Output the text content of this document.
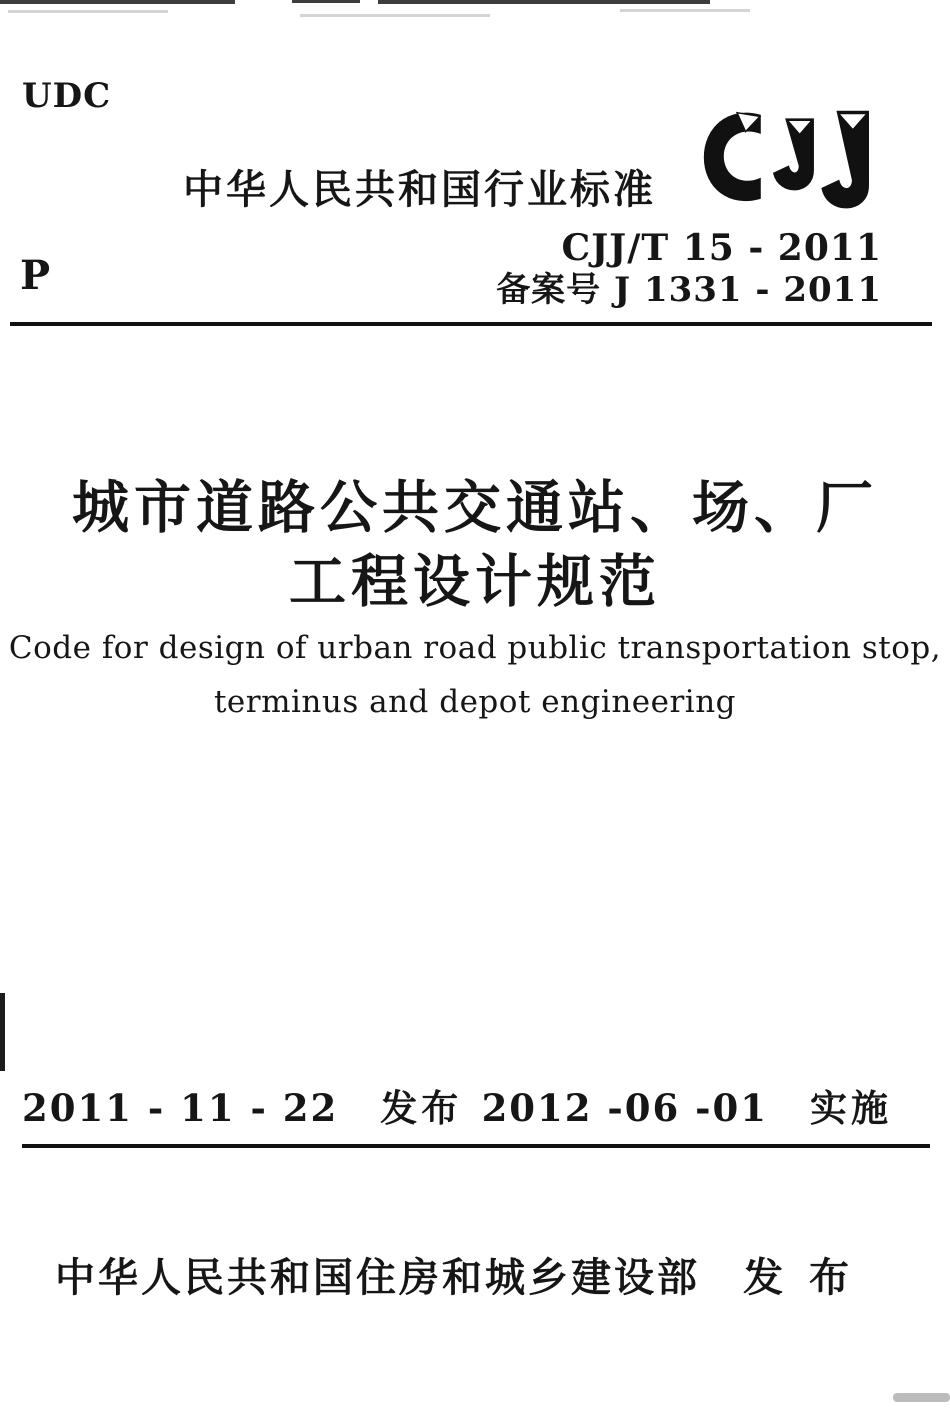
UDC
中华人民共和国行业标准
P
CJJ/T 15 - 2011
备案号 J 1331 - 2011
城市道路公共交通站、场、厂
工程设计规范
Code for design of urban road public transportation stop,
terminus and depot engineering
2011 - 11 - 22 发布 2012 -06 -01 实施
中华人民共和国住房和城乡建设部 发 布
